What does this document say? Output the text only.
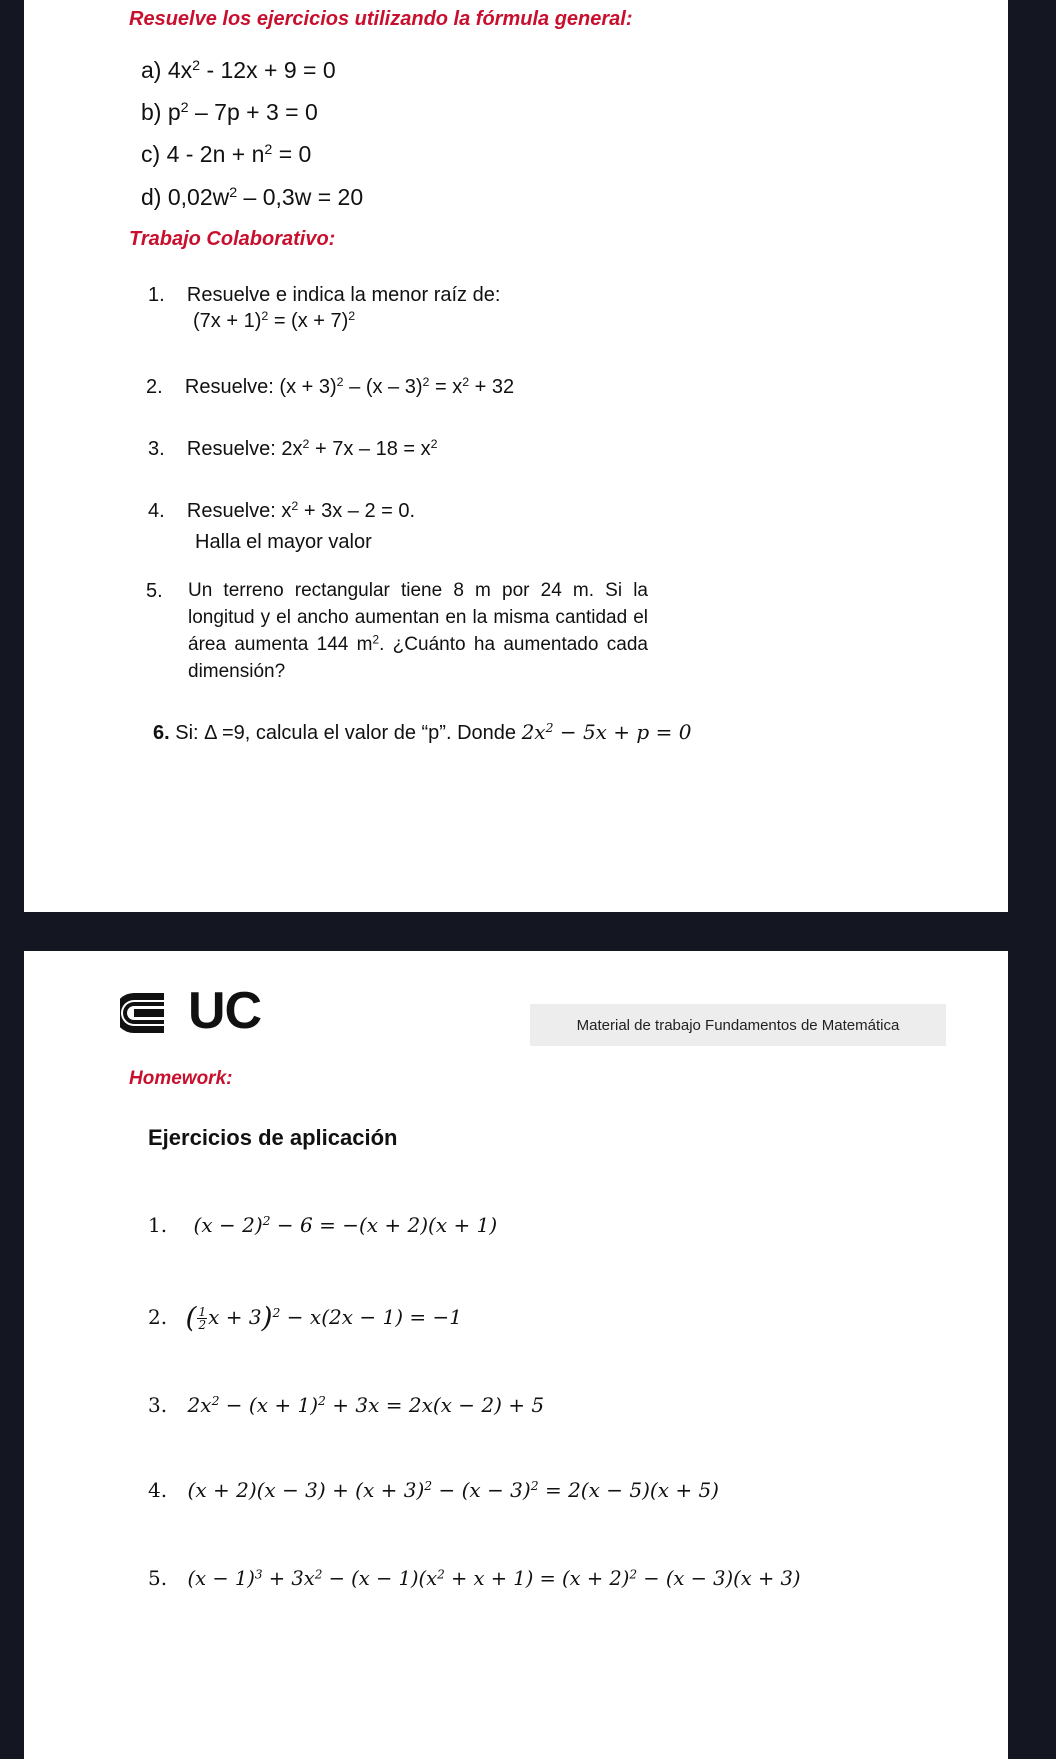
Resuelve los ejercicios utilizando la fórmula general:
a) $4x^2 - 12x + 9 = 0$
b) $p^2 - 7p + 3 = 0$
c) $4 - 2n + n^2 = 0$
d) $0,02w^2 - 0,3w = 20$
Trabajo Colaborativo:
1. Resuelve e indica la menor raíz de:
$(7x + 1)^2 = (x + 7)^2$
2. Resuelve: $(x + 3)^2 - (x - 3)^2 = x^2 + 32$
3. Resuelve: $2x^2 + 7x - 18 = x^2$
4. Resuelve: $x^2 + 3x - 2 = 0$.
Halla el mayor valor
5. Un terreno rectangular tiene 8 m por 24 m. Si la longitud y el ancho aumentan en la misma cantidad el área aumenta 144 $m^2$. ¿Cuánto ha aumentado cada dimensión?
6. Si: Δ =9, calcula el valor de “p”. Donde $2x^2 - 5x + p = 0$
UC	Material de trabajo Fundamentos de Matemática
Homework:
Ejercicios de aplicación
1. $(x - 2)^2 - 6 = -(x + 2)(x + 1)$
2. ( $\frac{1}{2}$ x + 3)$^2$ − x(2x − 1) = −1
3. $2x^2 - (x + 1)^2 + 3x = 2x(x - 2) + 5$
4. $(x + 2)(x - 3) + (x + 3)^2 - (x - 3)^2 = 2(x - 5)(x + 5)$
5. $(x - 1)^3 + 3x^2 - (x - 1)(x^2 + x + 1) = (x + 2)^2 - (x - 3)(x + 3)$
